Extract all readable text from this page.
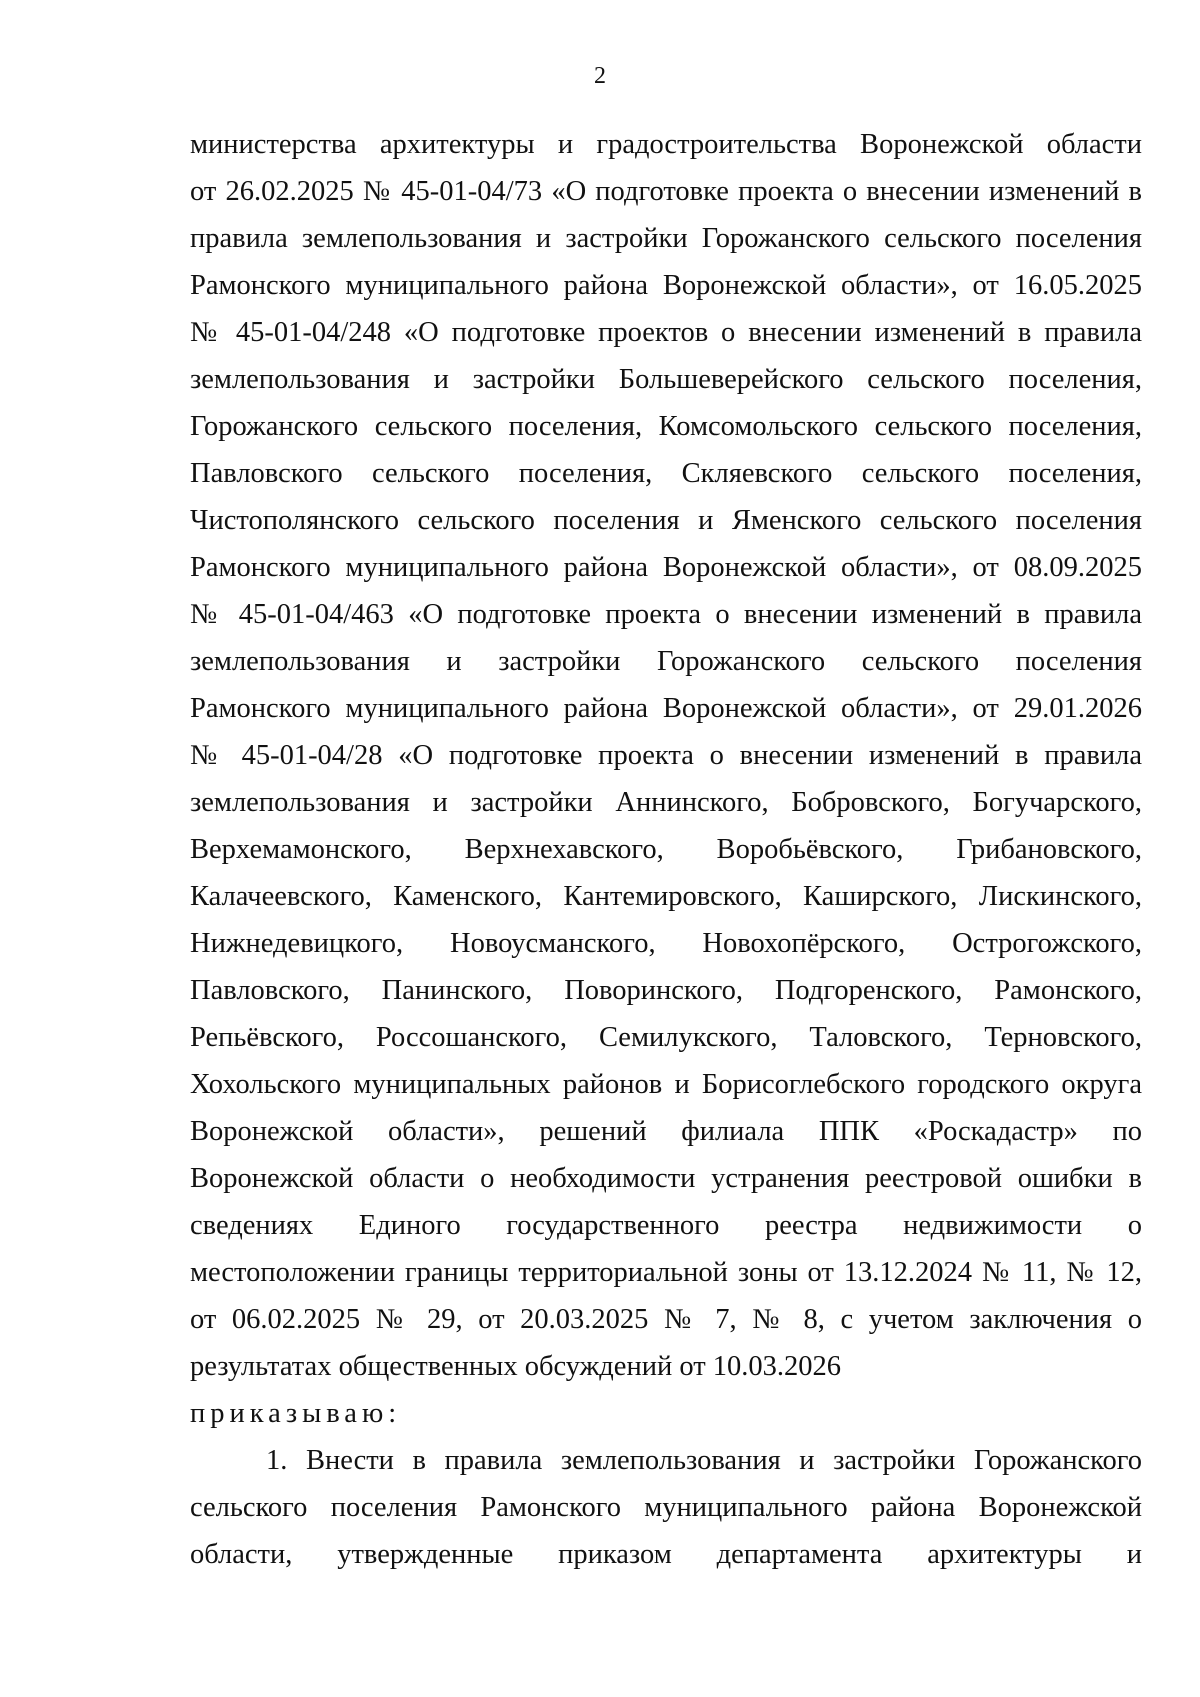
2
министерства архитектуры и градостроительства Воронежской области
от 26.02.2025 № 45-01-04/73 «О подготовке проекта о внесении изменений в
правила землепользования и застройки Горожанского сельского поселения
Рамонского муниципального района Воронежской области», от 16.05.2025
№ 45-01-04/248 «О подготовке проектов о внесении изменений в правила
землепользования и застройки Большеверейского сельского поселения,
Горожанского сельского поселения, Комсомольского сельского поселения,
Павловского сельского поселения, Скляевского сельского поселения,
Чистополянского сельского поселения и Яменского сельского поселения
Рамонского муниципального района Воронежской области», от 08.09.2025
№ 45-01-04/463 «О подготовке проекта о внесении изменений в правила
землепользования и застройки Горожанского сельского поселения
Рамонского муниципального района Воронежской области», от 29.01.2026
№ 45-01-04/28 «О подготовке проекта о внесении изменений в правила
землепользования и застройки Аннинского, Бобровского, Богучарского,
Верхемамонского, Верхнехавского, Воробьёвского, Грибановского,
Калачеевского, Каменского, Кантемировского, Каширского, Лискинского,
Нижнедевицкого, Новоусманского, Новохопёрского, Острогожского,
Павловского, Панинского, Поворинского, Подгоренского, Рамонского,
Репьёвского, Россошанского, Семилукского, Таловского, Терновского,
Хохольского муниципальных районов и Борисоглебского городского округа
Воронежской области», решений филиала ППК «Роскадастр» по
Воронежской области о необходимости устранения реестровой ошибки в
сведениях Единого государственного реестра недвижимости о
местоположении границы территориальной зоны от 13.12.2024 № 11, № 12,
от 06.02.2025 № 29, от 20.03.2025 № 7, № 8, с учетом заключения о
результатах общественных обсуждений от 10.03.2026
приказываю:
1. Внести в правила землепользования и застройки Горожанского
сельского поселения Рамонского муниципального района Воронежской
области, утвержденные приказом департамента архитектуры и
